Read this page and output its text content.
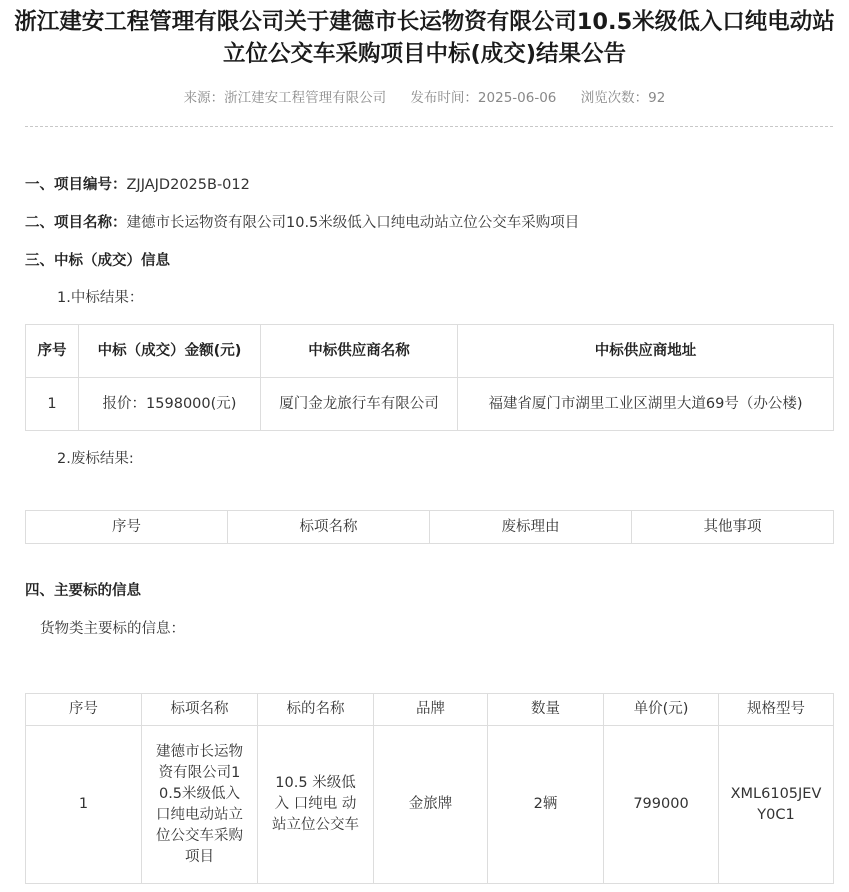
浙江建安工程管理有限公司关于建德市长运物资有限公司10.5米级低入口纯电动站立位公交车采购项目中标(成交)结果公告
来源：浙江建安工程管理有限公司 发布时间：2025-06-06 浏览次数：92
一、项目编号：ZJJAJD2025B-012
二、项目名称：建德市长运物资有限公司10.5米级低入口纯电动站立位公交车采购项目
三、中标（成交）信息
1.中标结果：
序号	中标（成交）金额(元)	中标供应商名称	中标供应商地址
1	报价：1598000(元)	厦门金龙旅行车有限公司	福建省厦门市湖里工业区湖里大道69号（办公楼)
2.废标结果:
序号	标项名称	废标理由	其他事项
四、主要标的信息
货物类主要标的信息：
序号	标项名称	标的名称	品牌	数量	单价(元)	规格型号
1	建德市长运物资有限公司10.5米级低入口纯电动站立位公交车采购项目	10.5 米级低入 口纯电 动站立位公交车	金旅牌	2辆	799000	XML6105JEVY0C1
